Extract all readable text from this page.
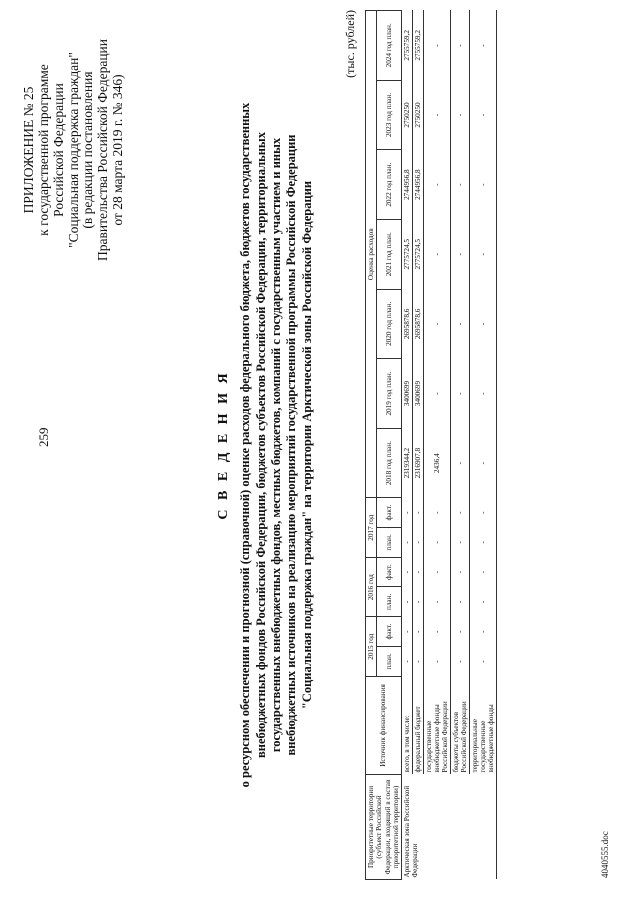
259
4040555.doc
ПРИЛОЖЕНИЕ № 25 к государственной программе Российской Федерации "Социальная поддержка граждан" (в редакции постановления Правительства Российской Федерации от 28 марта 2019 г. № 346)
С В Е Д Е Н И Я о ресурсном обеспечении и прогнозной (справочной) оценке расходов федерального бюджета, бюджетов государственных внебюджетных фондов Российской Федерации, бюджетов субъектов Российской Федерации, территориальных государственных внебюджетных фондов, местных бюджетов, компаний с государственным участием и иных внебюджетных источников на реализацию мероприятий государственной программы Российской Федерации "Социальная поддержка граждан" на территории Арктической зоны Российской Федерации
(тыс. рублей)
Приоритетные территории (субъект Российской Федерации, входящий в состав приоритетной территории)	Источник финансирования	2015 год		2016 год		2017 год		Оценка расходов						
		план.	факт.	план.	факт.	план.	факт.	2018 год план.	2019 год план.	2020 год план.	2021 год план.	2022 год план.	2023 год план.	2024 год план.

Арктическая зона Российской Федерации	всего, в том числе:	-	-	-	-	-	-	2319344,2	3400699	2695878,6	2775724,5	2744956,8	2750250	2755759,2
	федеральный бюджет	-	-	-	-	-	-	2316907,8	3400699	2695878,6	2775724,5	2744956,8	2750250	2755759,2
	государственные внебюджетные фонды Российской Федерации	-	-	-	-	-	-	2436,4	-	-	-	-	-	-
	бюджеты субъектов Российской Федерации	-	-	-	-	-	-	-	-	-	-	-	-	-
	территориальные государственные внебюджетные фонды	-	-	-	-	-	-	-	-	-	-	-	-	-
